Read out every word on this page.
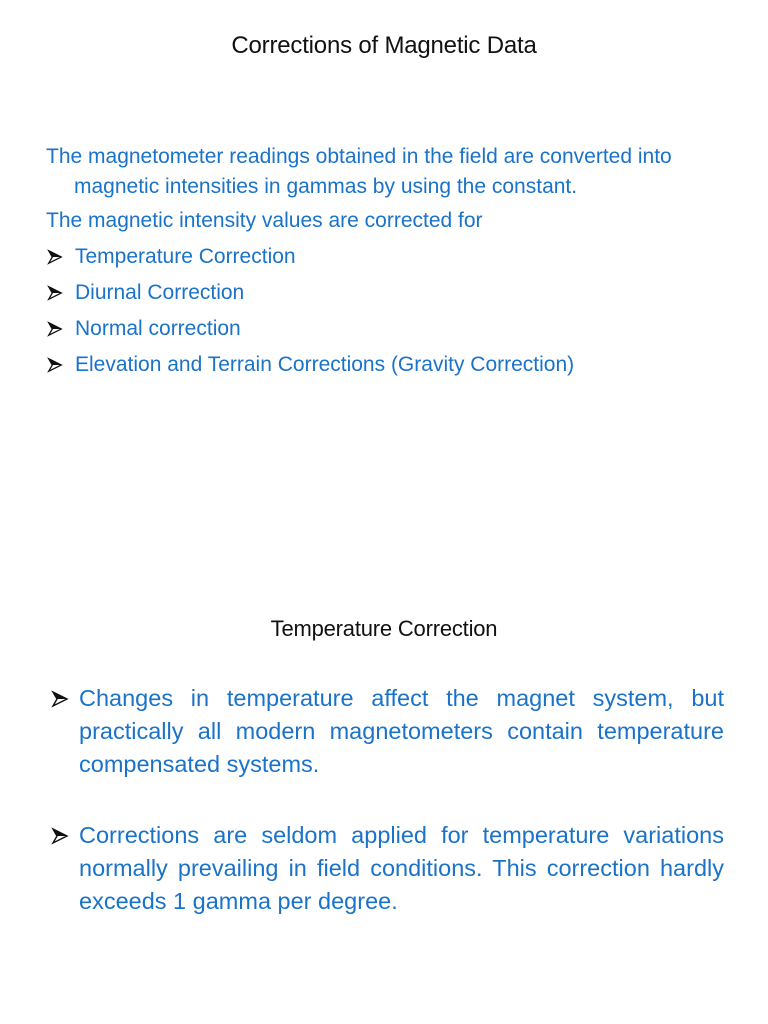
Corrections of Magnetic Data

The magnetometer readings obtained in the field are converted into magnetic intensities in gammas by using the constant.

The magnetic intensity values are corrected for

Temperature Correction
Diurnal Correction
Normal correction
Elevation and Terrain Corrections (Gravity Correction)
Temperature Correction
Changes in temperature affect the magnet system, but practically all modern magnetometers contain temperature compensated systems.
Corrections are seldom applied for temperature variations normally prevailing in field conditions. This correction hardly exceeds 1 gamma per degree.
